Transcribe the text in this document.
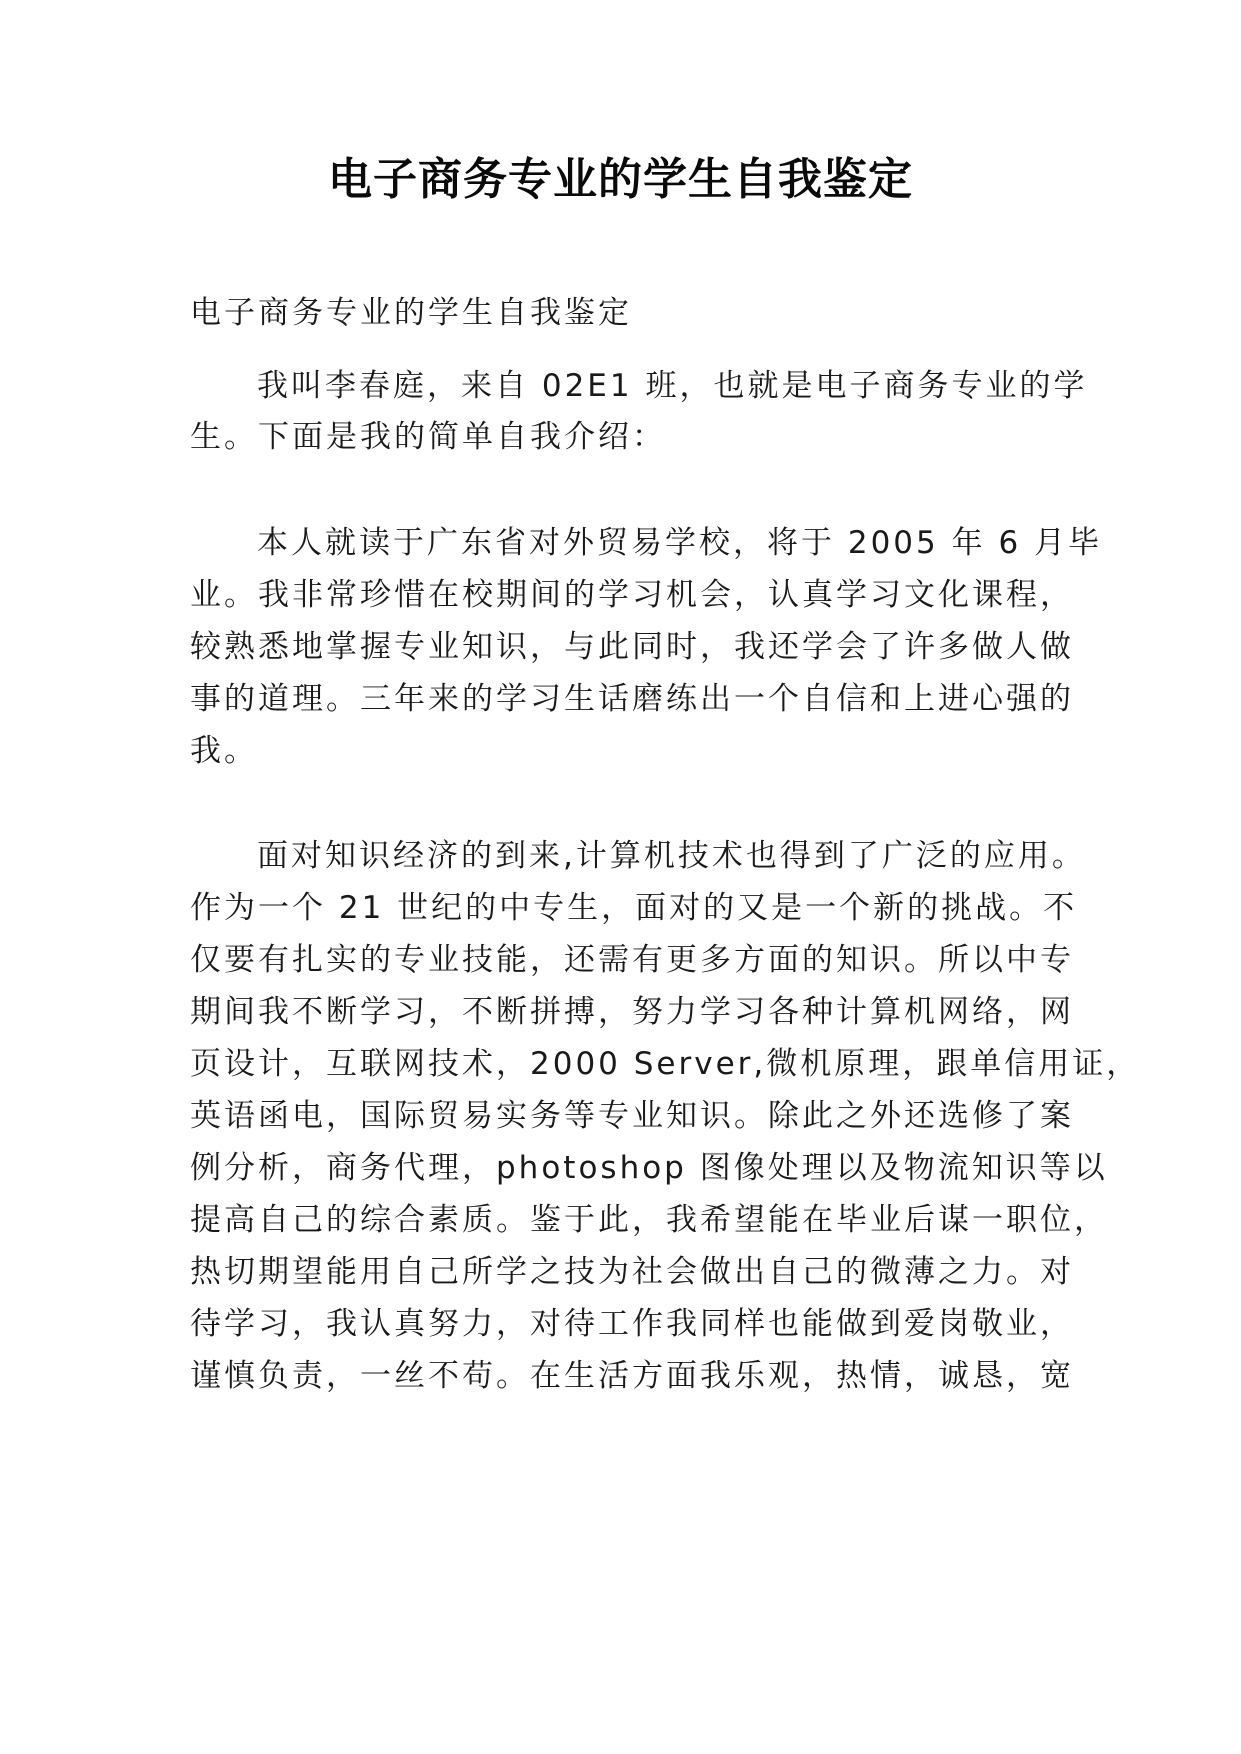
电子商务专业的学生自我鉴定
电子商务专业的学生自我鉴定
我叫李春庭，来自 02E1 班，也就是电子商务专业的学
生。下面是我的简单自我介绍：
本人就读于广东省对外贸易学校，将于 2005 年 6 月毕
业。我非常珍惜在校期间的学习机会，认真学习文化课程，
较熟悉地掌握专业知识，与此同时，我还学会了许多做人做
事的道理。三年来的学习生话磨练出一个自信和上进心强的
我。
面对知识经济的到来,计算机技术也得到了广泛的应用。
作为一个 21 世纪的中专生，面对的又是一个新的挑战。不
仅要有扎实的专业技能，还需有更多方面的知识。所以中专
期间我不断学习，不断拼搏，努力学习各种计算机网络，网
页设计，互联网技术，2000 Server,微机原理，跟单信用证，
英语函电，国际贸易实务等专业知识。除此之外还选修了案
例分析，商务代理，photoshop 图像处理以及物流知识等以
提高自己的综合素质。鉴于此，我希望能在毕业后谋一职位，
热切期望能用自己所学之技为社会做出自己的微薄之力。对
待学习，我认真努力，对待工作我同样也能做到爱岗敬业，
谨慎负责，一丝不苟。在生活方面我乐观，热情，诚恳，宽
